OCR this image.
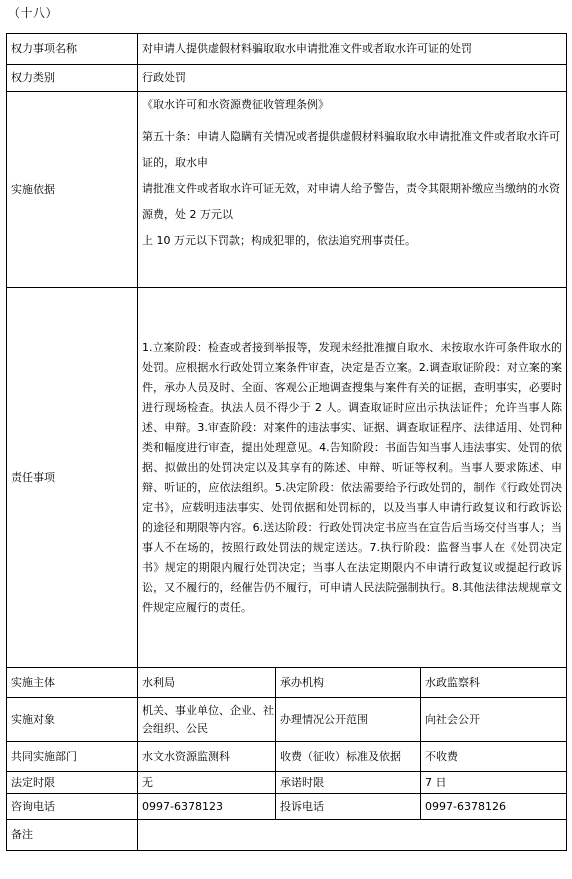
（十八）
权力事项名称	对申请人提供虚假材料骗取取水申请批准文件或者取水许可证的处罚		
权力类别	行政处罚		
实施依据	《取水许可和水资源费征收管理条例》

第五十条：申请人隐瞒有关情况或者提供虚假材料骗取取水申请批准文件或者取水许可证的，取水申

请批准文件或者取水许可证无效，对申请人给予警告，责令其限期补缴应当缴纳的水资源费，处 2 万元以

上 10 万元以下罚款；构成犯罪的，依法追究刑事责任。		

责任事项	1.立案阶段：检查或者接到举报等，发现未经批准擅自取水、未按取水许可条件取水的处罚。应根据水行政处罚立案条件审查，决定是否立案。2.调查取证阶段：对立案的案件，承办人员及时、全面、客观公正地调查搜集与案件有关的证据，查明事实，必要时进行现场检查。执法人员不得少于 2 人。调查取证时应出示执法证件；允许当事人陈述、申辩。3.审查阶段：对案件的违法事实、证据、调查取证程序、法律适用、处罚种类和幅度进行审查，提出处理意见。4.告知阶段：书面告知当事人违法事实、处罚的依据、拟做出的处罚决定以及其享有的陈述、申辩、听证等权利。当事人要求陈述、申辩、听证的，应依法组织。5.决定阶段：依法需要给予行政处罚的，制作《行政处罚决定书》，应载明违法事实、处罚依据和处罚标的，以及当事人申请行政复议和行政诉讼的途径和期限等内容。6.送达阶段：行政处罚决定书应当在宣告后当场交付当事人；当事人不在场的，按照行政处罚法的规定送达。7.执行阶段：监督当事人在《处罚决定书》规定的期限内履行处罚决定；当事人在法定期限内不申请行政复议或提起行政诉讼，又不履行的，经催告仍不履行，可申请人民法院强制执行。8.其他法律法规规章文件规定应履行的责任。		
实施主体	水利局	承办机构	水政监察科
实施对象	机关、事业单位、企业、社会组织、公民	办理情况公开范围	向社会公开
共同实施部门	水文水资源监测科	收费（征收）标准及依据	不收费
法定时限	无	承诺时限	7 日
咨询电话	0997-6378123	投诉电话	0997-6378126
备注			
